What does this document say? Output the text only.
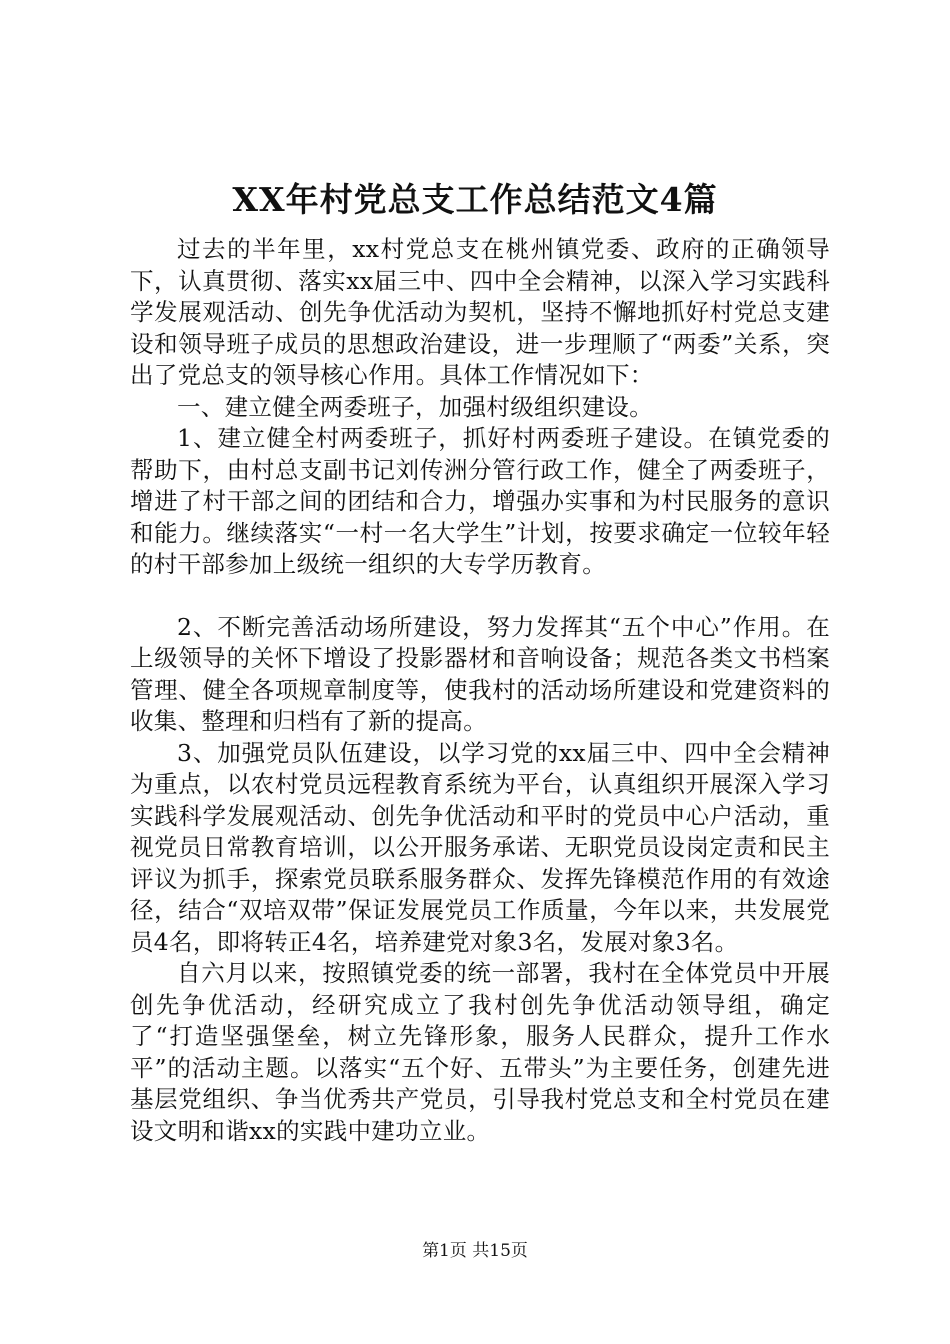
XX年村党总支工作总结范文4篇

过去的半年里，xx村党总支在桃州镇党委、政府的正确领导下，认真贯彻、落实xx届三中、四中全会精神，以深入学习实践科学发展观活动、创先争优活动为契机，坚持不懈地抓好村党总支建设和领导班子成员的思想政治建设，进一步理顺了“两委”关系，突出了党总支的领导核心作用。具体工作情况如下：

一、建立健全两委班子，加强村级组织建设。

1、建立健全村两委班子，抓好村两委班子建设。在镇党委的帮助下，由村总支副书记刘传洲分管行政工作，健全了两委班子，增进了村干部之间的团结和合力，增强办实事和为村民服务的意识和能力。继续落实“一村一名大学生”计划，按要求确定一位较年轻的村干部参加上级统一组织的大专学历教育。

2、不断完善活动场所建设，努力发挥其“五个中心”作用。在上级领导的关怀下增设了投影器材和音响设备；规范各类文书档案管理、健全各项规章制度等，使我村的活动场所建设和党建资料的收集、整理和归档有了新的提高。

3、加强党员队伍建设，以学习党的xx届三中、四中全会精神为重点，以农村党员远程教育系统为平台，认真组织开展深入学习实践科学发展观活动、创先争优活动和平时的党员中心户活动，重视党员日常教育培训，以公开服务承诺、无职党员设岗定责和民主评议为抓手，探索党员联系服务群众、发挥先锋模范作用的有效途径，结合“双培双带”保证发展党员工作质量，今年以来，共发展党员4名，即将转正4名，培养建党对象3名，发展对象3名。

自六月以来，按照镇党委的统一部署，我村在全体党员中开展创先争优活动，经研究成立了我村创先争优活动领导组，确定了“打造坚强堡垒，树立先锋形象，服务人民群众，提升工作水平”的活动主题。以落实“五个好、五带头”为主要任务，创建先进基层党组织、争当优秀共产党员，引导我村党总支和全村党员在建设文明和谐xx的实践中建功立业。

第1页 共15页
